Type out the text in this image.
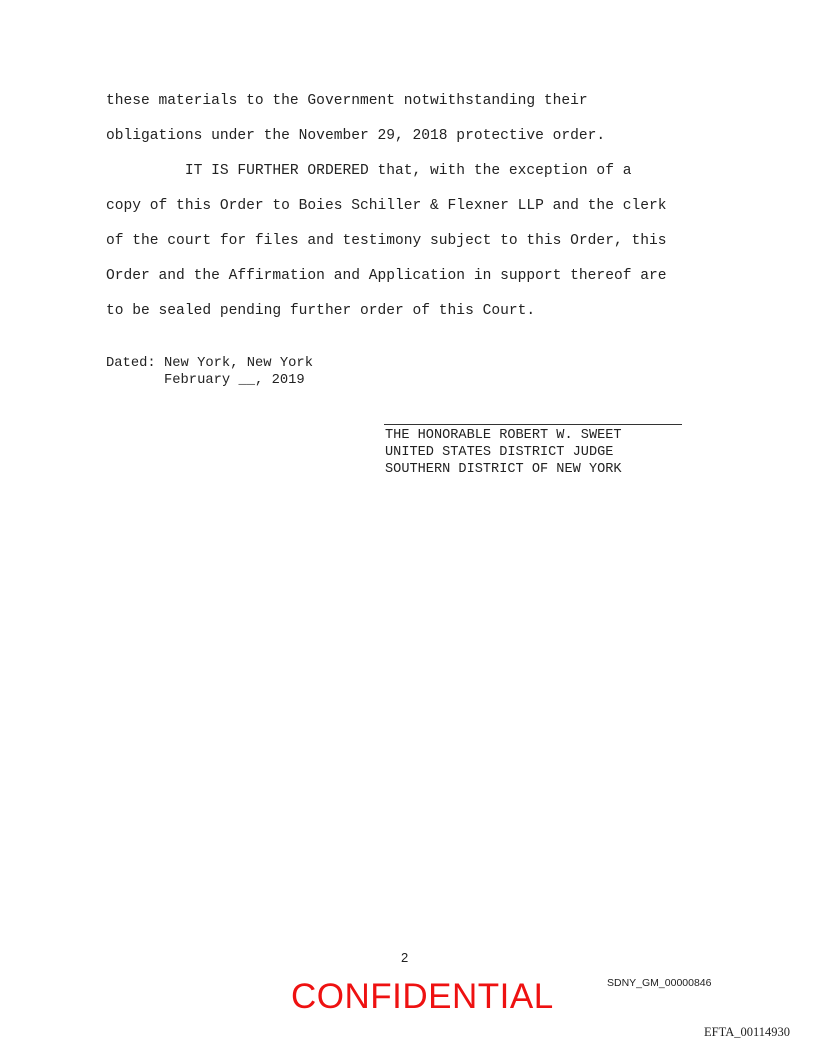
these materials to the Government notwithstanding their
obligations under the November 29, 2018 protective order.
IT IS FURTHER ORDERED that, with the exception of a
copy of this Order to Boies Schiller & Flexner LLP and the clerk
of the court for files and testimony subject to this Order, this
Order and the Affirmation and Application in support thereof are
to be sealed pending further order of this Court.
Dated: New York, New York
February __, 2019
THE HONORABLE ROBERT W. SWEET
UNITED STATES DISTRICT JUDGE
SOUTHERN DISTRICT OF NEW YORK
2
CONFIDENTIAL	SDNY_GM_00000846
EFTA_00114930
